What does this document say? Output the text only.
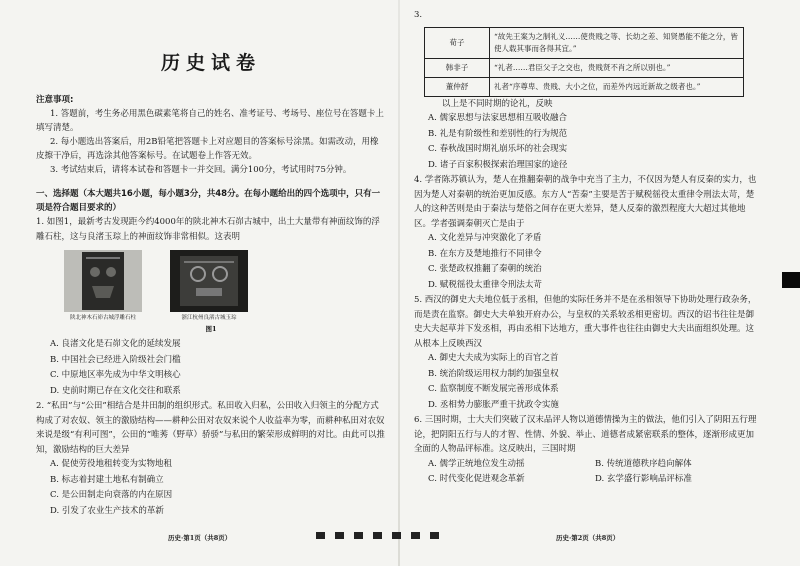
历史试卷

注意事项:

1. 答题前，考生务必用黑色碳素笔将自己的姓名、准考证号、考场号、座位号在答题卡上填写清楚。

2. 每小题选出答案后，用2B铅笔把答题卡上对应题目的答案标号涂黑。如需改动，用橡皮擦干净后，再选涂其他答案标号。在试题卷上作答无效。

3. 考试结束后，请将本试卷和答题卡一并交回。满分100分，考试用时75分钟。

一、选择题（本大题共16小题，每小题3分，共48分。在每小题给出的四个选项中，只有一项是符合题目要求的）

1. 如图1，最新考古发现距今约4000年的陕北神木石峁古城中，出土大量带有神面纹饰的浮雕石柱，这与良渚玉琮上的神面纹饰非常相似。这表明

陕北神木石峁古城浮雕石柱	浙江杭州良渚古城玉琮
图1

A. 良渚文化是石峁文化的延续发展

B. 中国社会已经进入阶级社会门槛

C. 中原地区率先成为中华文明核心

D. 史前时期已存在文化交往和联系

2. “私田”与“公田”相结合是井田制的组织形式。私田收入归私，公田收入归领主的分配方式构成了对农奴、领主的激励结构——耕种公田对农奴来说个人收益率为零，而耕种私田对农奴来说是级“有利可图”，公田的“唯莠（野草）骄骄”与私田的繁荣形成鲜明的对比。由此可以推知，激励结构的巨大差异

A. 促使劳役地租转变为实物地租

B. 标志着封建土地私有制确立

C. 是公田制走向衰落的内在原因

D. 引发了农业生产技术的革新

历史·第1页（共8页）

3.

荀子	“故先王案为之制礼义……使贵贱之等、长幼之差、知贤愚能不能之分，皆使人载其事而各得其宜。”
韩非子	“礼者……君臣父子之交也，贵贱贤不肖之所以别也。”
董仲舒	礼者“序尊卑、贵贱、大小之位，而差外内远近新故之级者也。”

以上是不同时期的论礼，反映

A. 儒家思想与法家思想相互吸收融合

B. 礼是有阶级性和差别性的行为规范

C. 春秋战国时期礼崩乐坏的社会现实

D. 诸子百家积极探索治理国家的途径

4. 学者陈苏镇认为，楚人在推翻秦朝的战争中充当了主力，不仅因为楚人有反秦的实力，也因为楚人对秦朝的统治更加反感。东方人“苦秦”主要是苦于赋税徭役太重律令刑法太苛，楚人的这种苦则是由于秦法与楚俗之间存在更大差异，楚人反秦的激烈程度大大超过其他地区。学者强调秦朝灭亡是由于

A. 文化差异与冲突激化了矛盾

B. 在东方及楚地推行不同律令

C. 张楚政权推翻了秦朝的统治

D. 赋税徭役太重律令刑法太苛

5. 西汉的御史大夫地位低于丞相，但他的实际任务并不是在丞相领导下协助处理行政杂务，而是责在监察。御史大夫单独开府办公，与皇权的关系较丞相更密切。西汉的诏书往往是御史大夫起草并下发丞相，再由丞相下达地方，重大事件也往往由御史大夫出面组织处理。这从根本上反映西汉

A. 御史大夫成为实际上的百官之首

B. 统治阶级运用权力制约加强皇权

C. 监察制度不断发展完善形成体系

D. 丞相势力膨胀严重干扰政令实施

6. 三国时期，士大夫们突破了汉末品评人物以道德情操为主的做法，他们引入了阴阳五行理论，把阴阳五行与人的才智、性情、外貌、举止、道德者成紧密联系的整体，逐渐形成更加全面的人物品评标准。这反映出，三国时期

A. 儒学正统地位发生动摇	B. 传统道德秩序趋向解体
C. 时代变化促进观念革新	D. 玄学盛行影响品评标准
历史·第2页（共8页）
